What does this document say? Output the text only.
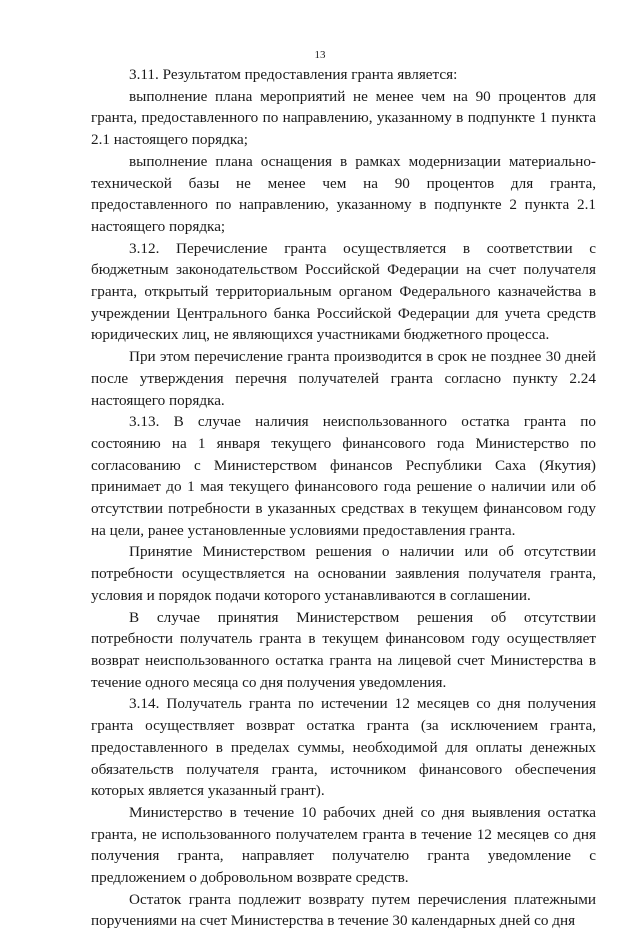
13

3.11. Результатом предоставления гранта является:

выполнение плана мероприятий не менее чем на 90 процентов для гранта, предоставленного по направлению, указанному в подпункте 1 пункта 2.1 настоящего порядка;

выполнение плана оснащения в рамках модернизации материально-технической базы не менее чем на 90 процентов для гранта, предоставленного по направлению, указанному в подпункте 2 пункта 2.1 настоящего порядка;

3.12. Перечисление гранта осуществляется в соответствии с бюджетным законодательством Российской Федерации на счет получателя гранта, открытый территориальным органом Федерального казначейства в учреждении Центрального банка Российской Федерации для учета средств юридических лиц, не являющихся участниками бюджетного процесса.

При этом перечисление гранта производится в срок не позднее 30 дней после утверждения перечня получателей гранта согласно пункту 2.24 настоящего порядка.

3.13. В случае наличия неиспользованного остатка гранта по состоянию на 1 января текущего финансового года Министерство по согласованию с Министерством финансов Республики Саха (Якутия) принимает до 1 мая текущего финансового года решение о наличии или об отсутствии потребности в указанных средствах в текущем финансовом году на цели, ранее установленные условиями предоставления гранта.

Принятие Министерством решения о наличии или об отсутствии потребности осуществляется на основании заявления получателя гранта, условия и порядок подачи которого устанавливаются в соглашении.

В случае принятия Министерством решения об отсутствии потребности получатель гранта в текущем финансовом году осуществляет возврат неиспользованного остатка гранта на лицевой счет Министерства в течение одного месяца со дня получения уведомления.

3.14. Получатель гранта по истечении 12 месяцев со дня получения гранта осуществляет возврат остатка гранта (за исключением гранта, предоставленного в пределах суммы, необходимой для оплаты денежных обязательств получателя гранта, источником финансового обеспечения которых является указанный грант).

Министерство в течение 10 рабочих дней со дня выявления остатка гранта, не использованного получателем гранта в течение 12 месяцев со дня получения гранта, направляет получателю гранта уведомление с предложением о добровольном возврате средств.

Остаток гранта подлежит возврату путем перечисления платежными поручениями на счет Министерства в течение 30 календарных дней со дня
